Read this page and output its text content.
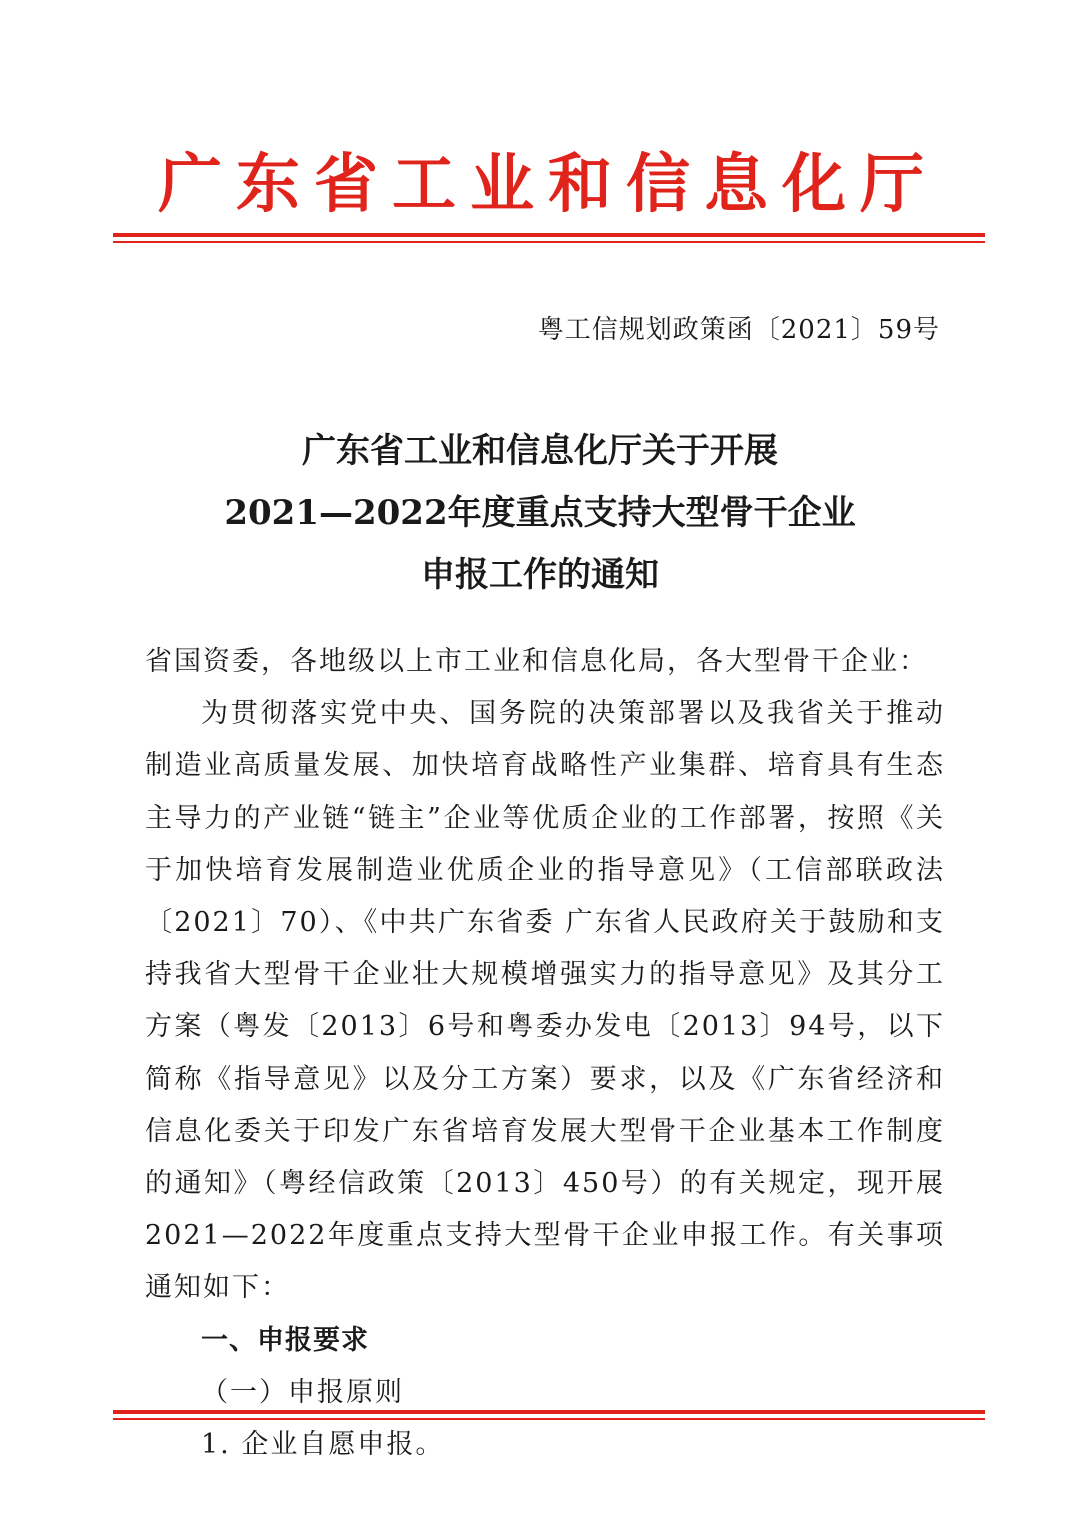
广东省工业和信息化厅
粤工信规划政策函〔2021〕59号
广东省工业和信息化厅关于开展
2021—2022年度重点支持大型骨干企业
申报工作的通知

省国资委，各地级以上市工业和信息化局，各大型骨干企业：

为贯彻落实党中央、国务院的决策部署以及我省关于推动制造业高质量发展、加快培育战略性产业集群、培育具有生态主导力的产业链“链主”企业等优质企业的工作部署，按照《关于加快培育发展制造业优质企业的指导意见》（工信部联政法〔2021〕70）、《中共广东省委 广东省人民政府关于鼓励和支持我省大型骨干企业壮大规模增强实力的指导意见》及其分工方案（粤发〔2013〕6号和粤委办发电〔2013〕94号，以下简称《指导意见》以及分工方案）要求，以及《广东省经济和信息化委关于印发广东省培育发展大型骨干企业基本工作制度的通知》（粤经信政策〔2013〕450号）的有关规定，现开展2021—2022年度重点支持大型骨干企业申报工作。有关事项通知如下：

一、申报要求

（一）申报原则

1. 企业自愿申报。
